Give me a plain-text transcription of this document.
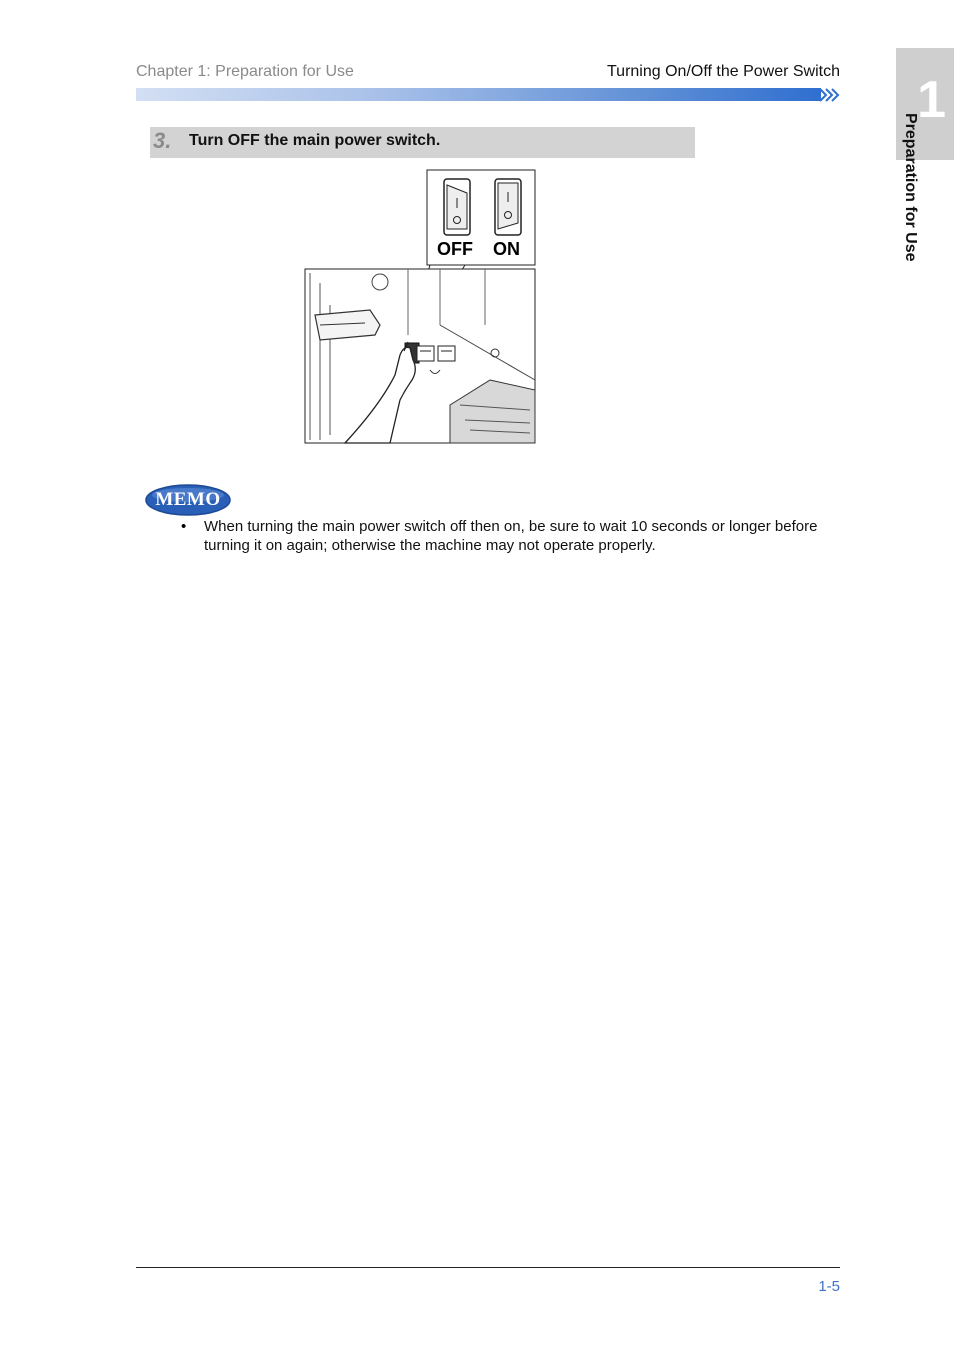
Chapter 1: Preparation for Use	Turning On/Off the Power Switch 1
Preparation for Use
3. Turn OFF the main power switch.
OFF ON
MEMO
• When turning the main power switch off then on, be sure to wait 10 seconds or longer before turning it on again; otherwise the machine may not operate properly.
1-5
